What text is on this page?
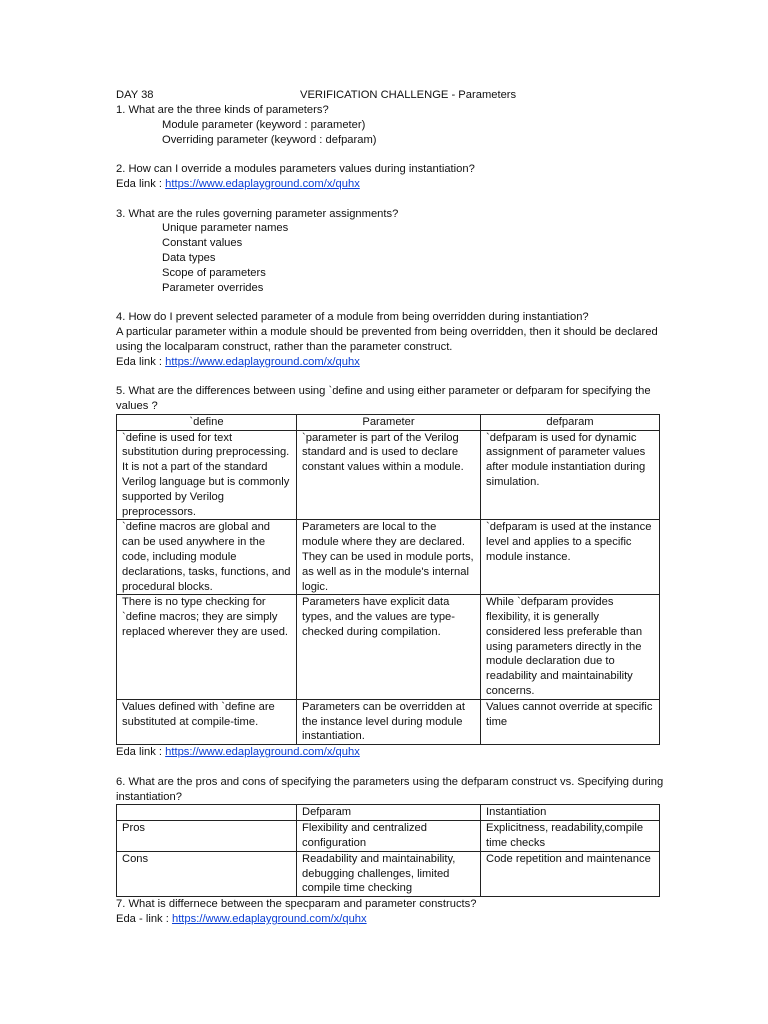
DAY 38	VERIFICATION CHALLENGE - Parameters

1. What are the three kinds of parameters?

Module parameter (keyword : parameter)

Overriding parameter (keyword : defparam)

2. How can I override a modules parameters values during instantiation?

Eda link : https://www.edaplayground.com/x/quhx

3. What are the rules governing parameter assignments?

Unique parameter names

Constant values

Data types

Scope of parameters

Parameter overrides

4. How do I prevent selected parameter of a module from being overridden during instantiation?

A particular parameter within a module should be prevented from being overridden, then it should be declared using the localparam construct, rather than the parameter construct.

Eda link : https://www.edaplayground.com/x/quhx

5. What are the differences between using `define and using either parameter or defparam for specifying the values ?

`define	Parameter	defparam
`define is used for text substitution during preprocessing. It is not a part of the standard Verilog language but is commonly supported by Verilog preprocessors.	`parameter is part of the Verilog standard and is used to declare constant values within a module.	`defparam is used for dynamic assignment of parameter values after module instantiation during simulation.
`define macros are global and can be used anywhere in the code, including module declarations, tasks, functions, and procedural blocks.	Parameters are local to the module where they are declared. They can be used in module ports, as well as in the module's internal logic.	`defparam is used at the instance level and applies to a specific module instance.
There is no type checking for `define macros; they are simply replaced wherever they are used.	Parameters have explicit data types, and the values are type-checked during compilation.	While `defparam provides flexibility, it is generally considered less preferable than using parameters directly in the module declaration due to readability and maintainability concerns.
Values defined with `define are substituted at compile-time.	Parameters can be overridden at the instance level during module instantiation.	Values cannot override at specific time

Eda link : https://www.edaplayground.com/x/quhx

6. What are the pros and cons of specifying the parameters using the defparam construct vs. Specifying during instantiation?

	Defparam	Instantiation
Pros	Flexibility and centralized configuration	Explicitness, readability,compile time checks
Cons	Readability and maintainability, debugging challenges, limited compile time checking	Code repetition and maintenance

7. What is differnece between the specparam and parameter constructs?

Eda - link : https://www.edaplayground.com/x/quhx
